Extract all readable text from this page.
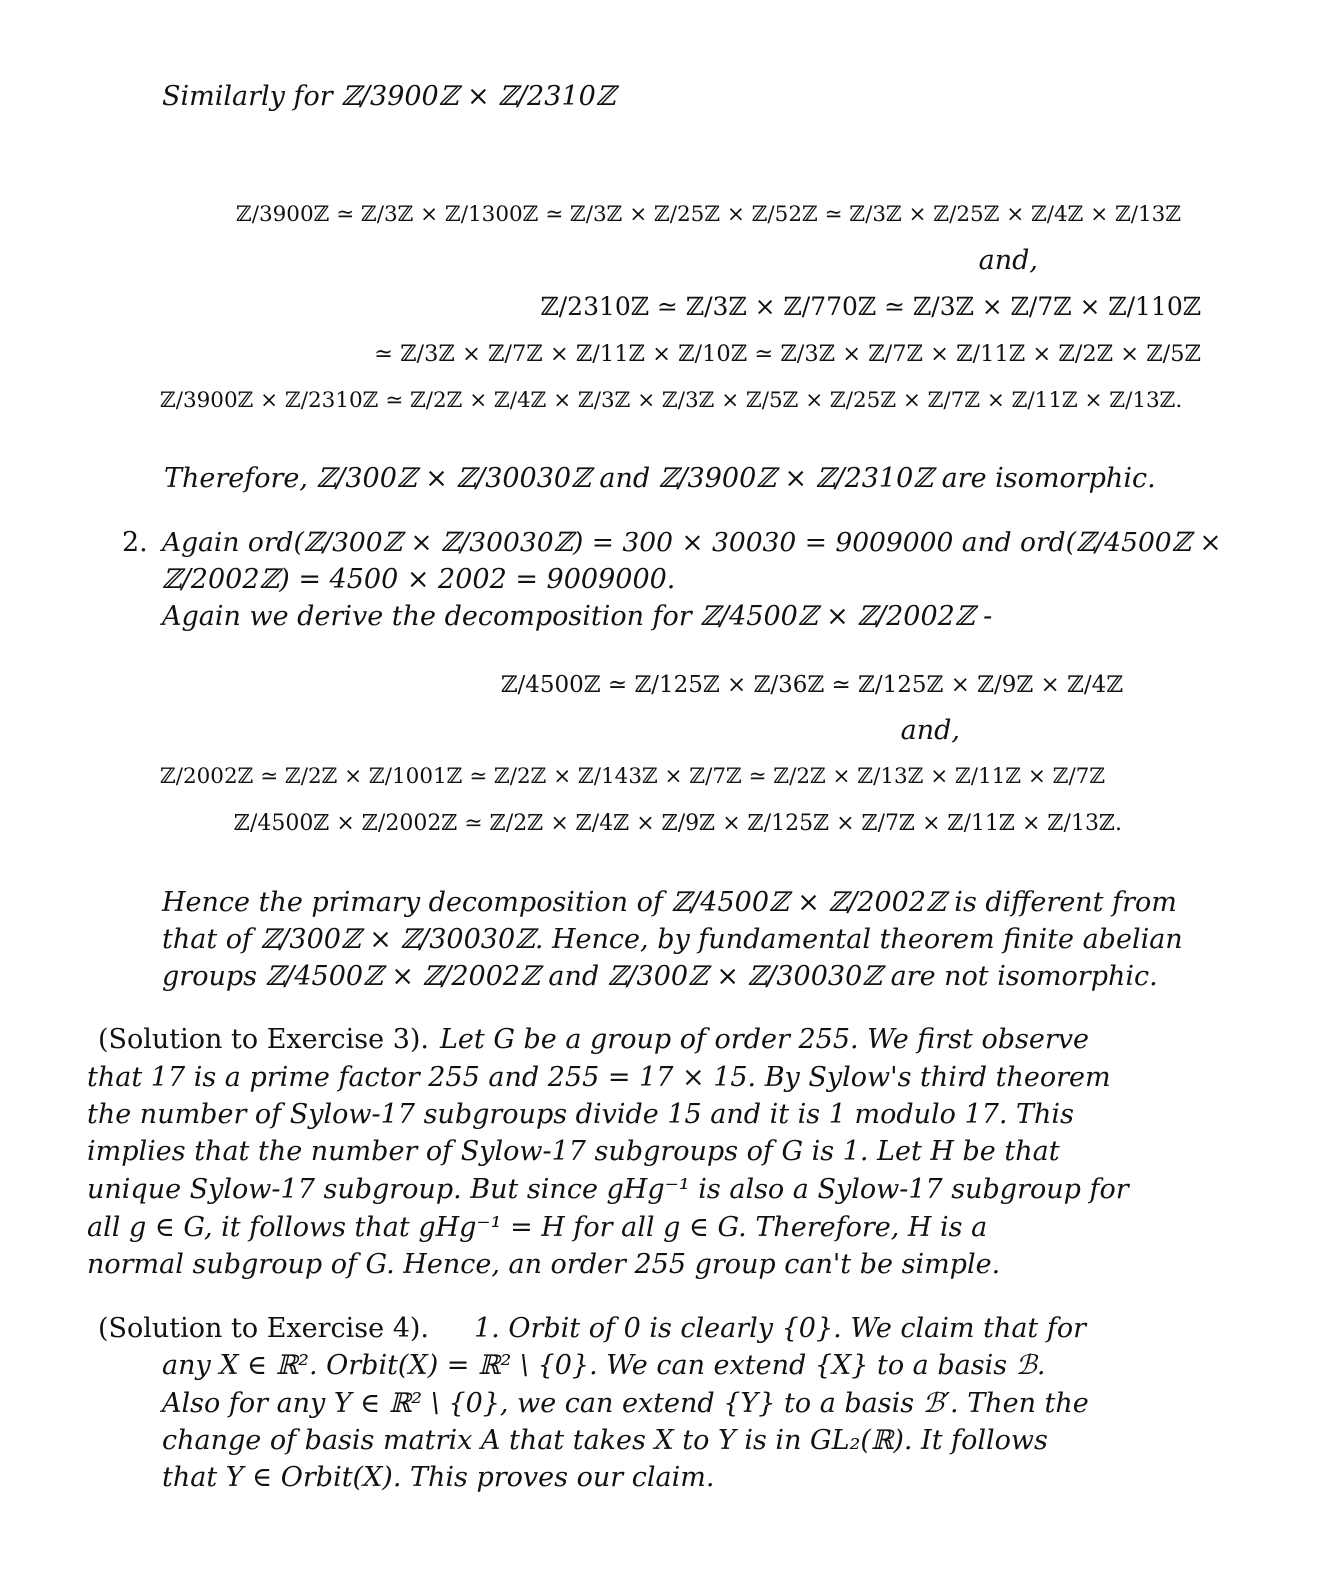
Similarly for ℤ/3900ℤ × ℤ/2310ℤ
ℤ/3900ℤ ≃ ℤ/3ℤ × ℤ/1300ℤ ≃ ℤ/3ℤ × ℤ/25ℤ × ℤ/52ℤ ≃ ℤ/3ℤ × ℤ/25ℤ × ℤ/4ℤ × ℤ/13ℤ
and,
ℤ/2310ℤ ≃ ℤ/3ℤ × ℤ/770ℤ ≃ ℤ/3ℤ × ℤ/7ℤ × ℤ/110ℤ
≃ ℤ/3ℤ × ℤ/7ℤ × ℤ/11ℤ × ℤ/10ℤ ≃ ℤ/3ℤ × ℤ/7ℤ × ℤ/11ℤ × ℤ/2ℤ × ℤ/5ℤ
ℤ/3900ℤ × ℤ/2310ℤ ≃ ℤ/2ℤ × ℤ/4ℤ × ℤ/3ℤ × ℤ/3ℤ × ℤ/5ℤ × ℤ/25ℤ × ℤ/7ℤ × ℤ/11ℤ × ℤ/13ℤ.
Therefore, ℤ/300ℤ × ℤ/30030ℤ and ℤ/3900ℤ × ℤ/2310ℤ are isomorphic.
2. Again ord(ℤ/300ℤ × ℤ/30030ℤ) = 300 × 30030 = 9009000 and ord(ℤ/4500ℤ ×
ℤ/2002ℤ) = 4500 × 2002 = 9009000.
Again we derive the decomposition for ℤ/4500ℤ × ℤ/2002ℤ -
ℤ/4500ℤ ≃ ℤ/125ℤ × ℤ/36ℤ ≃ ℤ/125ℤ × ℤ/9ℤ × ℤ/4ℤ
and,
ℤ/2002ℤ ≃ ℤ/2ℤ × ℤ/1001ℤ ≃ ℤ/2ℤ × ℤ/143ℤ × ℤ/7ℤ ≃ ℤ/2ℤ × ℤ/13ℤ × ℤ/11ℤ × ℤ/7ℤ
ℤ/4500ℤ × ℤ/2002ℤ ≃ ℤ/2ℤ × ℤ/4ℤ × ℤ/9ℤ × ℤ/125ℤ × ℤ/7ℤ × ℤ/11ℤ × ℤ/13ℤ.
Hence the primary decomposition of ℤ/4500ℤ × ℤ/2002ℤ is different from
that of ℤ/300ℤ × ℤ/30030ℤ. Hence, by fundamental theorem finite abelian
groups ℤ/4500ℤ × ℤ/2002ℤ and ℤ/300ℤ × ℤ/30030ℤ are not isomorphic.
(Solution to Exercise 3). Let G be a group of order 255. We first observe
that 17 is a prime factor 255 and 255 = 17 × 15. By Sylow's third theorem
the number of Sylow-17 subgroups divide 15 and it is 1 modulo 17. This
implies that the number of Sylow-17 subgroups of G is 1. Let H be that
unique Sylow-17 subgroup. But since gHg⁻¹ is also a Sylow-17 subgroup for
all g ∈ G, it follows that gHg⁻¹ = H for all g ∈ G. Therefore, H is a
normal subgroup of G. Hence, an order 255 group can't be simple.
(Solution to Exercise 4). 1. Orbit of 0 is clearly {0}. We claim that for
any X ∈ ℝ². Orbit(X) = ℝ² \ {0}. We can extend {X} to a basis ℬ.
Also for any Y ∈ ℝ² \ {0}, we can extend {Y} to a basis ℬ′. Then the
change of basis matrix A that takes X to Y is in GL₂(ℝ). It follows
that Y ∈ Orbit(X). This proves our claim.
